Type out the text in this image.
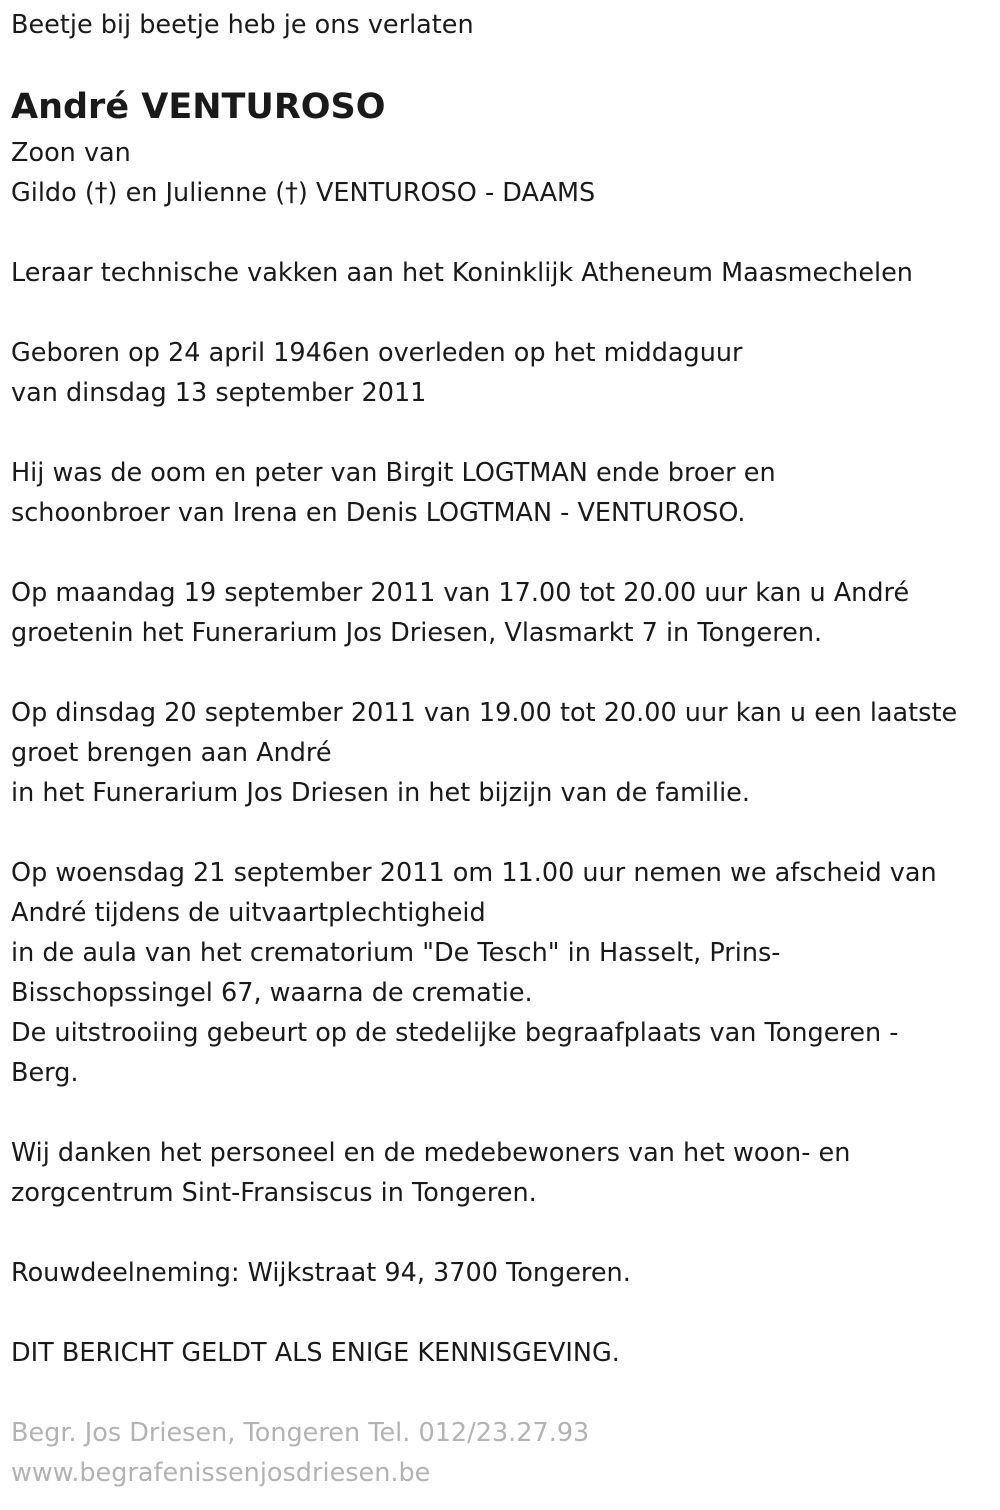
Beetje bij beetje heb je ons verlaten
André VENTUROSO
Zoon van
Gildo (†) en Julienne (†) VENTUROSO - DAAMS
Leraar technische vakken aan het Koninklijk Atheneum Maasmechelen
Geboren op 24 april 1946en overleden op het middaguur
van dinsdag 13 september 2011
Hij was de oom en peter van Birgit LOGTMAN ende broer en
schoonbroer van Irena en Denis LOGTMAN - VENTUROSO.
Op maandag 19 september 2011 van 17.00 tot 20.00 uur kan u André
groetenin het Funerarium Jos Driesen, Vlasmarkt 7 in Tongeren.
Op dinsdag 20 september 2011 van 19.00 tot 20.00 uur kan u een laatste
groet brengen aan André
in het Funerarium Jos Driesen in het bijzijn van de familie.
Op woensdag 21 september 2011 om 11.00 uur nemen we afscheid van
André tijdens de uitvaartplechtigheid
in de aula van het crematorium "De Tesch" in Hasselt, Prins-
Bisschopssingel 67, waarna de crematie.
De uitstrooiing gebeurt op de stedelijke begraafplaats van Tongeren -
Berg.
Wij danken het personeel en de medebewoners van het woon- en
zorgcentrum Sint-Fransiscus in Tongeren.
Rouwdeelneming: Wijkstraat 94, 3700 Tongeren.
DIT BERICHT GELDT ALS ENIGE KENNISGEVING.
Begr. Jos Driesen, Tongeren Tel. 012/23.27.93
www.begrafenissenjosdriesen.be
